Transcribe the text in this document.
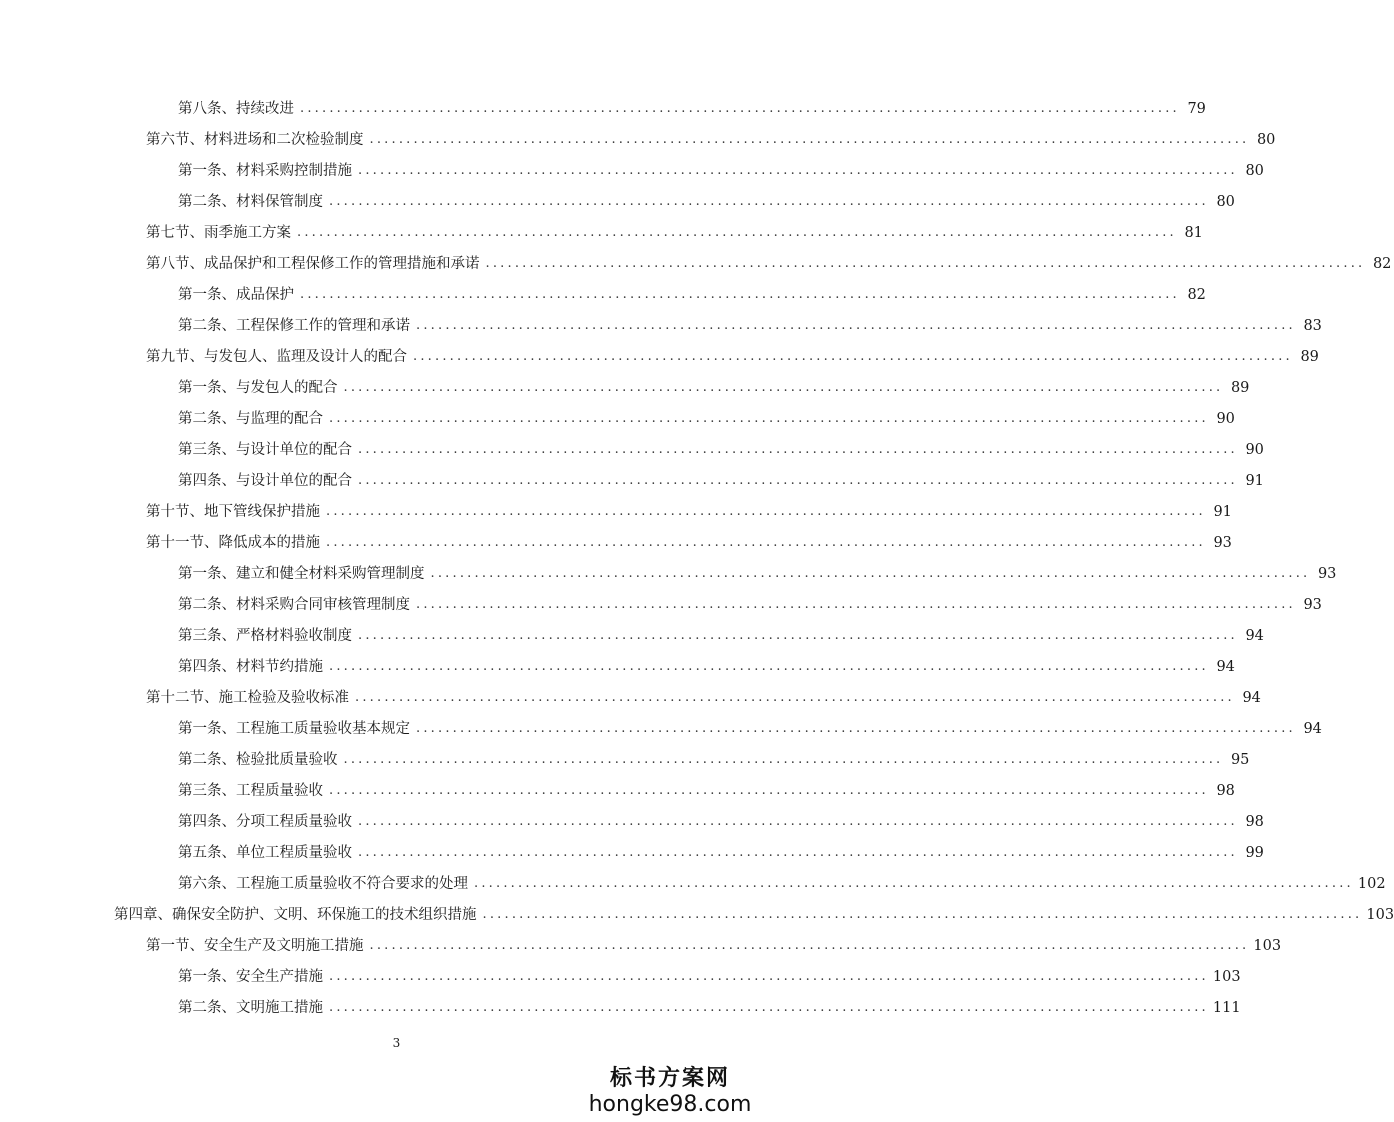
第八条、持续改进 ........................................................................................................................ 79
第六节、材料进场和二次检验制度 ........................................................................................................................ 80
第一条、材料采购控制措施 ........................................................................................................................ 80
第二条、材料保管制度 ........................................................................................................................ 80
第七节、雨季施工方案 ........................................................................................................................ 81
第八节、成品保护和工程保修工作的管理措施和承诺 ........................................................................................................................ 82
第一条、成品保护 ........................................................................................................................ 82
第二条、工程保修工作的管理和承诺 ........................................................................................................................ 83
第九节、与发包人、监理及设计人的配合 ........................................................................................................................ 89
第一条、与发包人的配合 ........................................................................................................................ 89
第二条、与监理的配合 ........................................................................................................................ 90
第三条、与设计单位的配合 ........................................................................................................................ 90
第四条、与设计单位的配合 ........................................................................................................................ 91
第十节、地下管线保护措施 ........................................................................................................................ 91
第十一节、降低成本的措施 ........................................................................................................................ 93
第一条、建立和健全材料采购管理制度 ........................................................................................................................ 93
第二条、材料采购合同审核管理制度 ........................................................................................................................ 93
第三条、严格材料验收制度 ........................................................................................................................ 94
第四条、材料节约措施 ........................................................................................................................ 94
第十二节、施工检验及验收标准 ........................................................................................................................ 94
第一条、工程施工质量验收基本规定 ........................................................................................................................ 94
第二条、检验批质量验收 ........................................................................................................................ 95
第三条、工程质量验收 ........................................................................................................................ 98
第四条、分项工程质量验收 ........................................................................................................................ 98
第五条、单位工程质量验收 ........................................................................................................................ 99
第六条、工程施工质量验收不符合要求的处理 ........................................................................................................................ 102
第四章、确保安全防护、文明、环保施工的技术组织措施 ........................................................................................................................ 103
第一节、安全生产及文明施工措施 ........................................................................................................................ 103
第一条、安全生产措施 ........................................................................................................................ 103
第二条、文明施工措施 ........................................................................................................................ 111
3
标书方案网
hongke98.com
